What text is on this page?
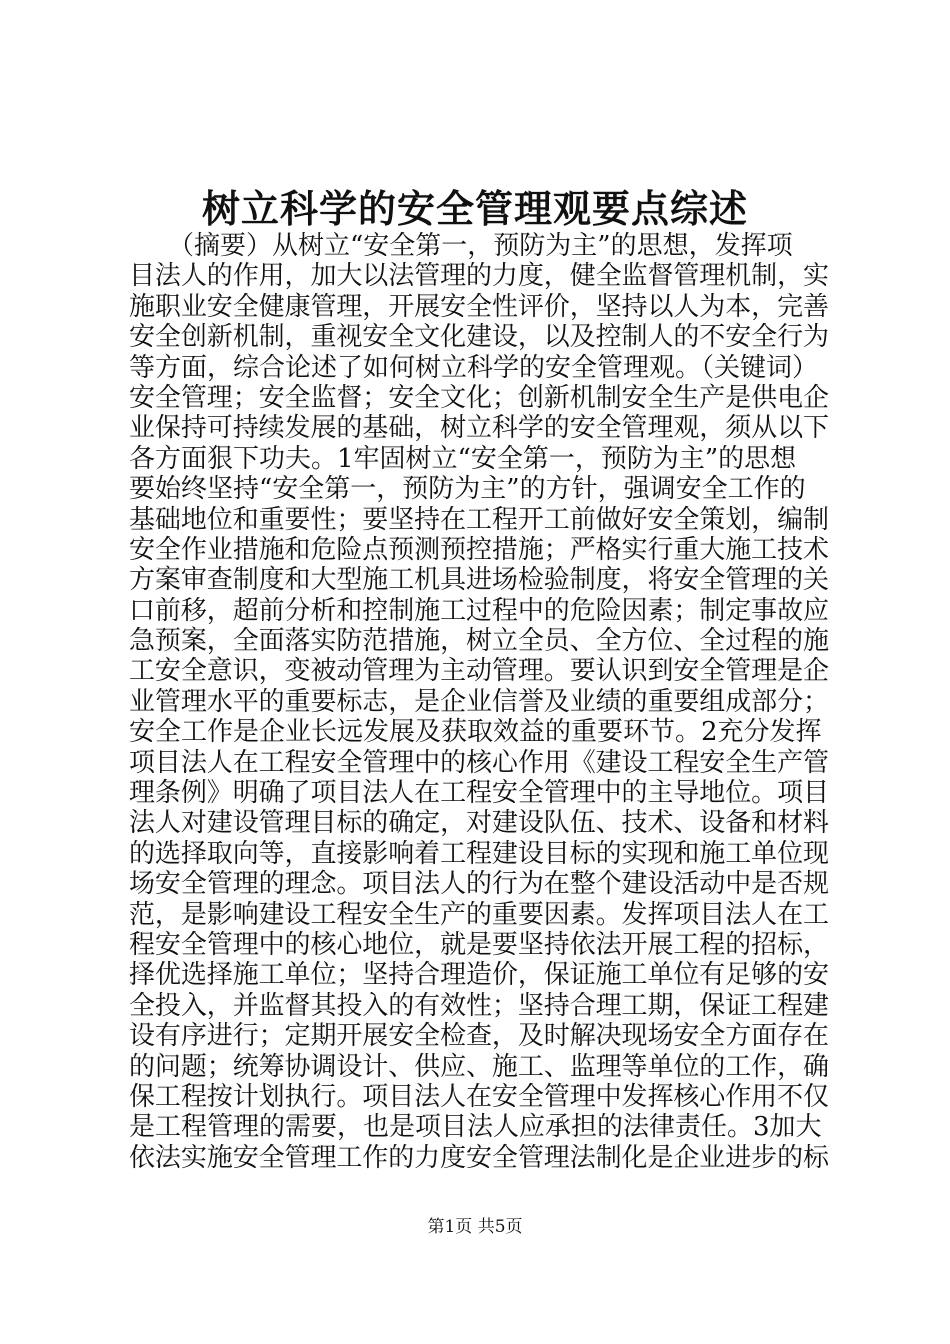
树立科学的安全管理观要点综述
　　（摘要）从树立“安全第一，预防为主”的思想，发挥项
目法人的作用，加大以法管理的力度，健全监督管理机制，实
施职业安全健康管理，开展安全性评价，坚持以人为本，完善
安全创新机制，重视安全文化建设，以及控制人的不安全行为
等方面，综合论述了如何树立科学的安全管理观。（关键词）
安全管理；安全监督；安全文化；创新机制安全生产是供电企
业保持可持续发展的基础，树立科学的安全管理观，须从以下
各方面狠下功夫。1牢固树立“安全第一，预防为主”的思想
要始终坚持“安全第一，预防为主”的方针，强调安全工作的
基础地位和重要性；要坚持在工程开工前做好安全策划，编制
安全作业措施和危险点预测预控措施；严格实行重大施工技术
方案审查制度和大型施工机具进场检验制度，将安全管理的关
口前移，超前分析和控制施工过程中的危险因素；制定事故应
急预案，全面落实防范措施，树立全员、全方位、全过程的施
工安全意识，变被动管理为主动管理。要认识到安全管理是企
业管理水平的重要标志，是企业信誉及业绩的重要组成部分；
安全工作是企业长远发展及获取效益的重要环节。2充分发挥
项目法人在工程安全管理中的核心作用《建设工程安全生产管
理条例》明确了项目法人在工程安全管理中的主导地位。项目
法人对建设管理目标的确定，对建设队伍、技术、设备和材料
的选择取向等，直接影响着工程建设目标的实现和施工单位现
场安全管理的理念。项目法人的行为在整个建设活动中是否规
范，是影响建设工程安全生产的重要因素。发挥项目法人在工
程安全管理中的核心地位，就是要坚持依法开展工程的招标，
择优选择施工单位；坚持合理造价，保证施工单位有足够的安
全投入，并监督其投入的有效性；坚持合理工期，保证工程建
设有序进行；定期开展安全检查，及时解决现场安全方面存在
的问题；统筹协调设计、供应、施工、监理等单位的工作，确
保工程按计划执行。项目法人在安全管理中发挥核心作用不仅
是工程管理的需要，也是项目法人应承担的法律责任。3加大
依法实施安全管理工作的力度安全管理法制化是企业进步的标
第1页 共5页
